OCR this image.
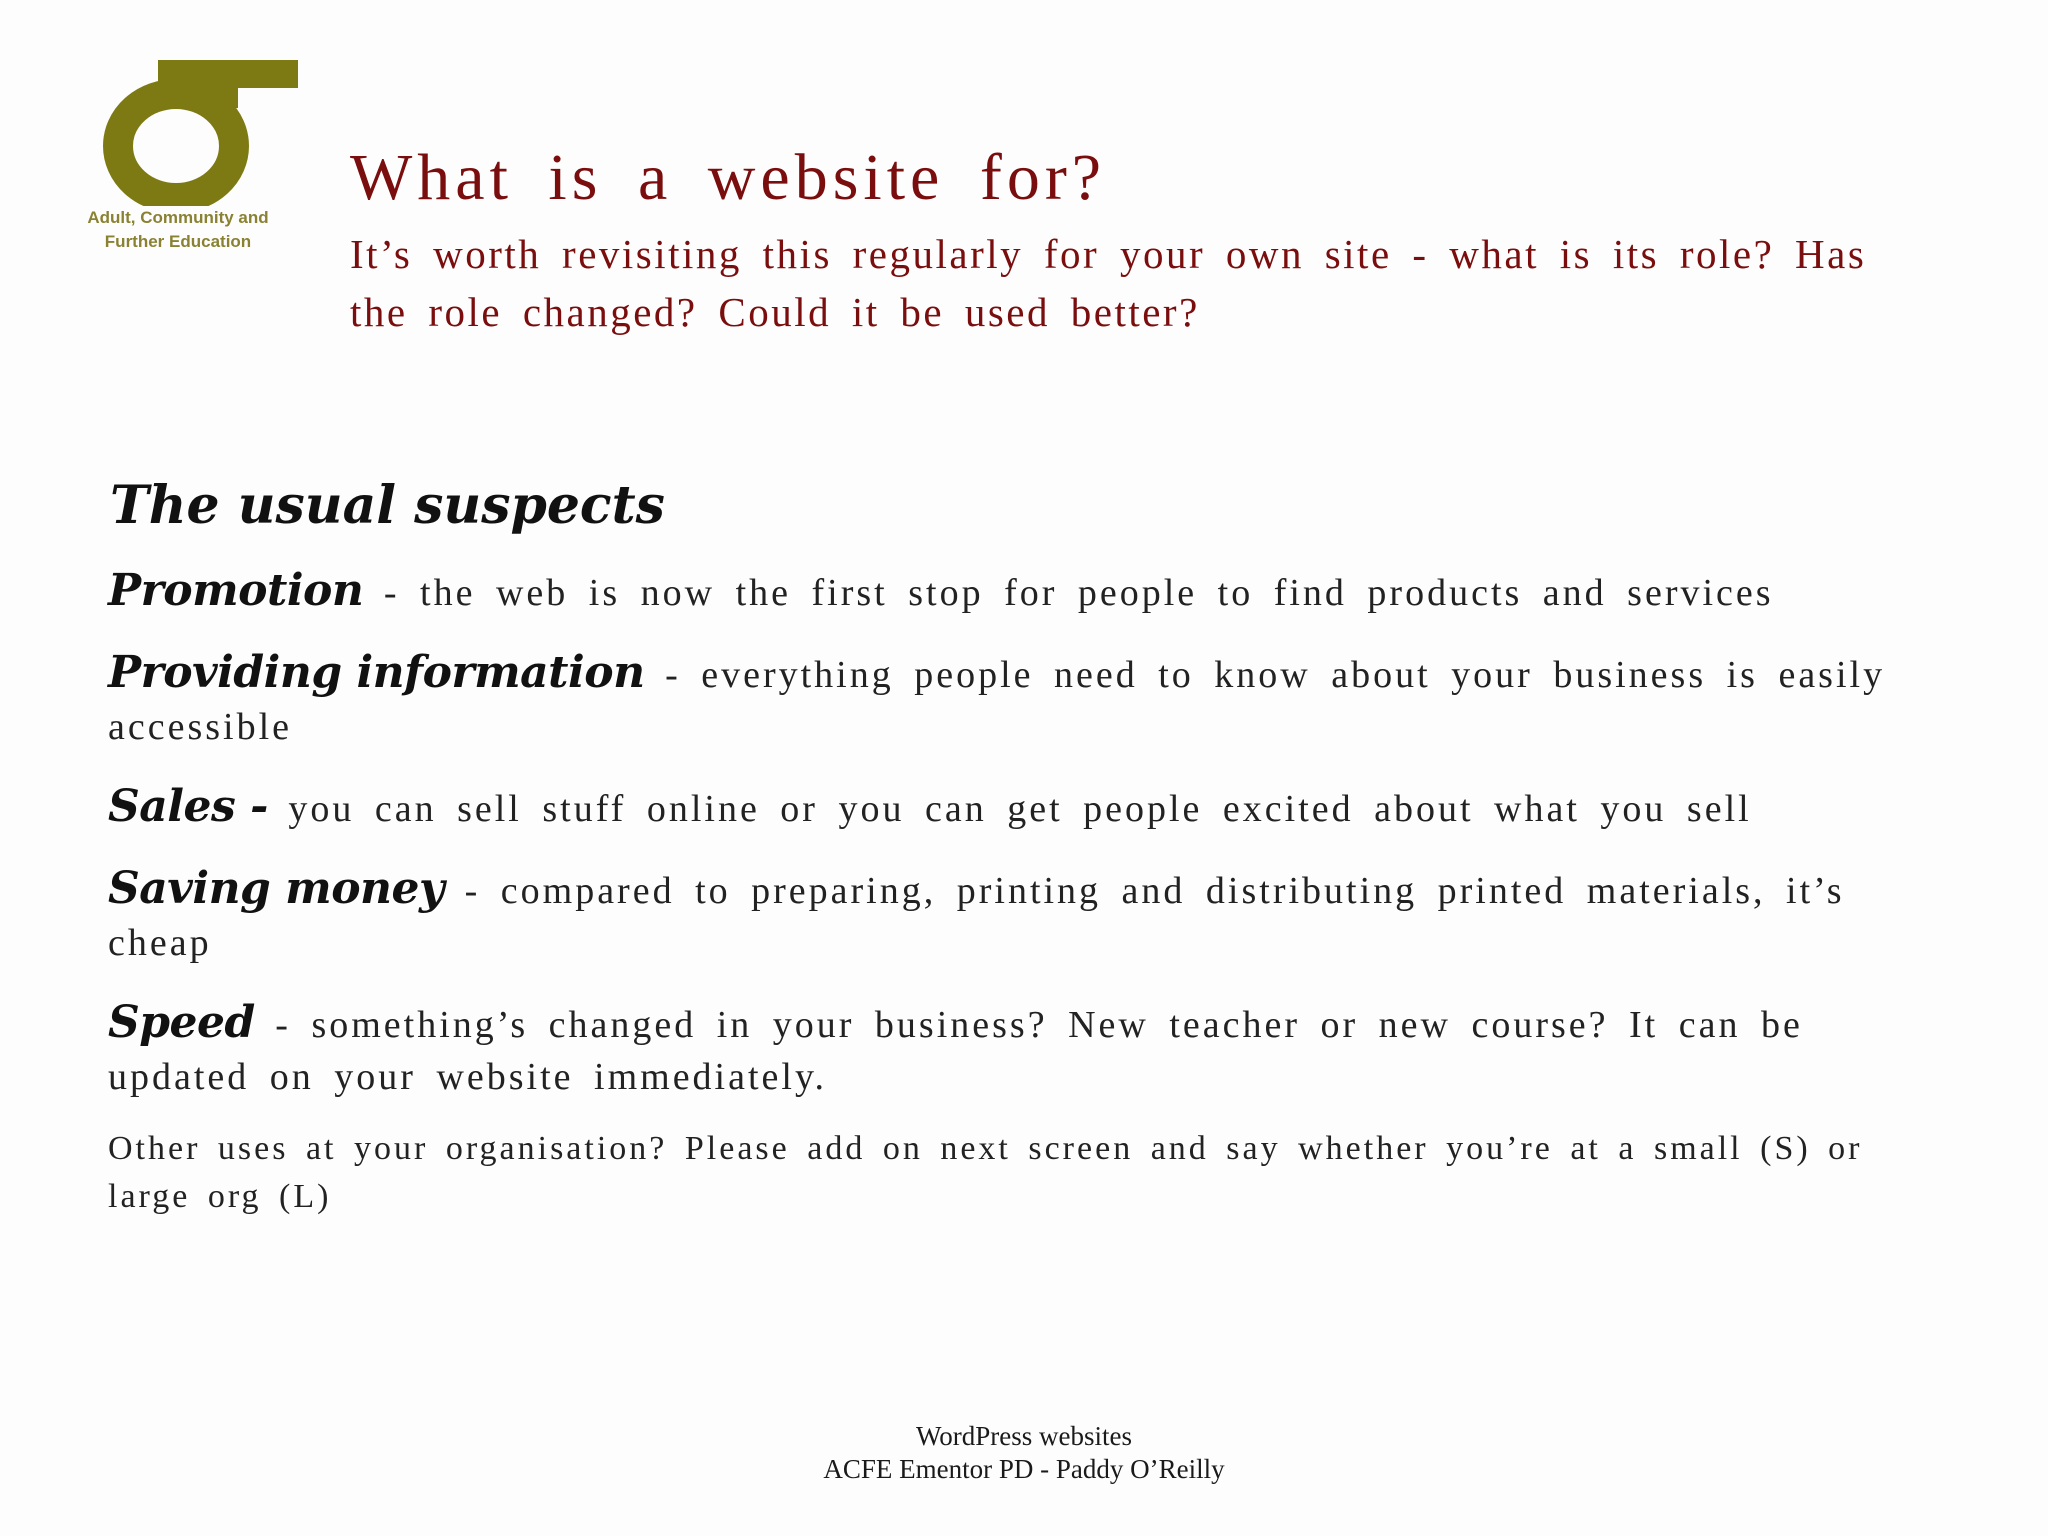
Adult, Community and
Further Education
What is a website for?

It’s worth revisiting this regularly for your own site - what is its role? Has the role changed? Could it be used better?

The usual suspects

Promotion - the web is now the first stop for people to find products and services

Providing information - everything people need to know about your business is easily accessible

Sales - you can sell stuff online or you can get people excited about what you sell

Saving money - compared to preparing, printing and distributing printed materials, it’s cheap

Speed - something’s changed in your business? New teacher or new course? It can be updated on your website immediately.

Other uses at your organisation? Please add on next screen and say whether you’re at a small (S) or large org (L)

WordPress websites
ACFE Ementor PD - Paddy O’Reilly
